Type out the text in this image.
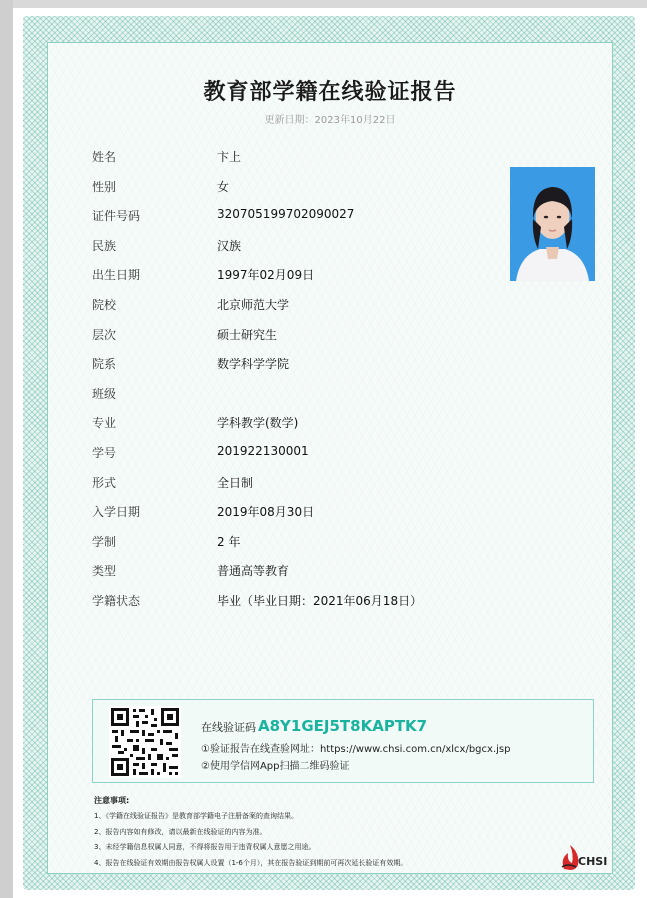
教育部学籍在线验证报告
更新日期：2023年10月22日
姓名	卞上
性别	女
证件号码	320705199702090027
民族	汉族
出生日期	1997年02月09日
院校	北京师范大学
层次	硕士研究生
院系	数学科学学院
班级
专业	学科教学(数学)
学号	201922130001
形式	全日制
入学日期	2019年08月30日
学制	2 年
类型	普通高等教育
学籍状态	毕业（毕业日期：2021年06月18日）
在线验证码 A8Y1GEJ5T8KAPTK7
①验证报告在线查验网址：https://www.chsi.com.cn/xlcx/bgcx.jsp
②使用学信网App扫描二维码验证
注意事项:
1、《学籍在线验证报告》是教育部学籍电子注册备案的查询结果。
2、报告内容如有修改，请以最新在线验证的内容为准。
3、未经学籍信息权属人同意，不得将报告用于违背权属人意愿之用途。
4、报告在线验证有效期由报告权属人设置（1-6个月），其在报告验证到期前可再次延长验证有效期。	CHSI
